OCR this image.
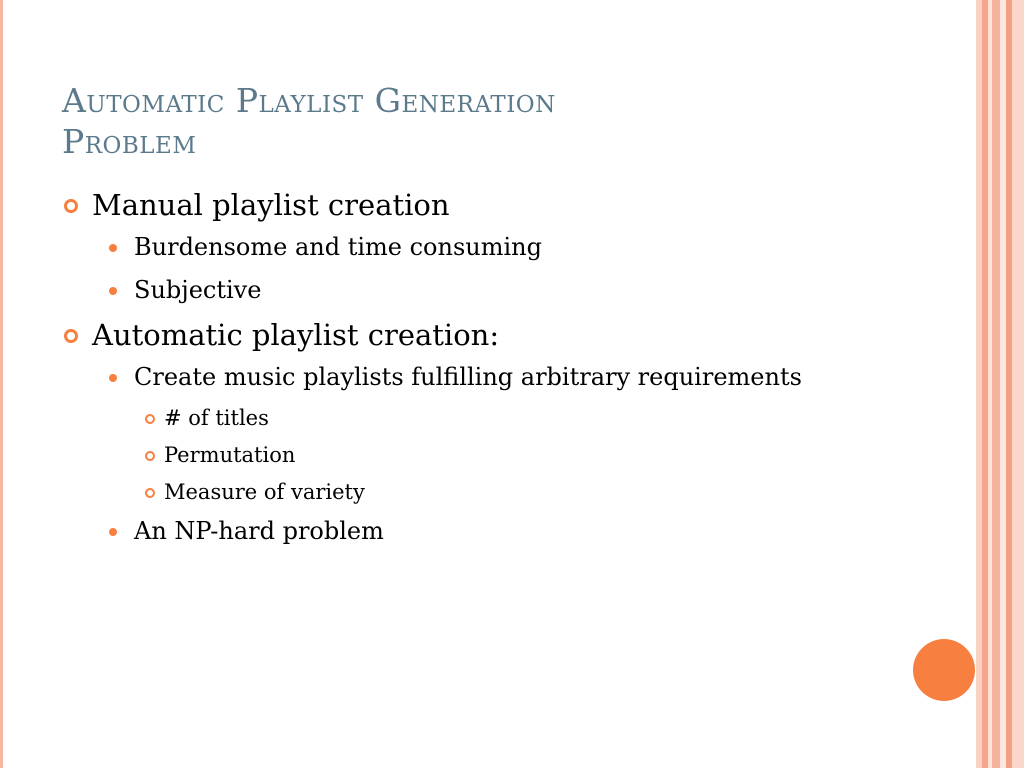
Automatic Playlist Generation
Problem
Manual playlist creation
Burdensome and time consuming
Subjective
Automatic playlist creation:
Create music playlists fulfilling arbitrary requirements
# of titles
Permutation
Measure of variety
An NP-hard problem
